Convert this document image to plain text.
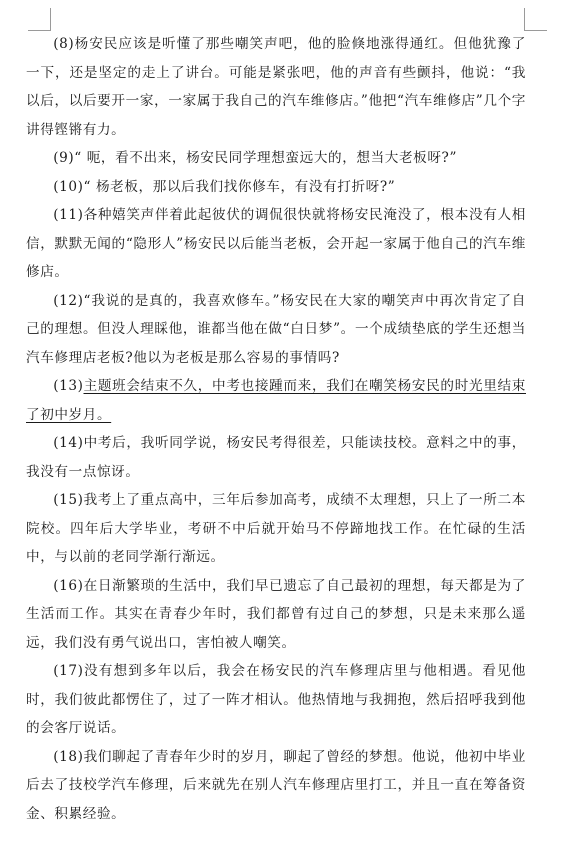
(8)杨安民应该是听懂了那些嘲笑声吧，他的脸倏地涨得通红。但他犹豫了一下，还是坚定的走上了讲台。可能是紧张吧，他的声音有些颤抖，他说：“我以后，以后要开一家，一家属于我自己的汽车维修店。”他把“汽车维修店”几个字讲得铿锵有力。

(9)“ 呃，看不出来，杨安民同学理想蛮远大的，想当大老板呀?”

(10)“ 杨老板，那以后我们找你修车，有没有打折呀?”

(11)各种嬉笑声伴着此起彼伏的调侃很快就将杨安民淹没了，根本没有人相信，默默无闻的“隐形人”杨安民以后能当老板，会开起一家属于他自己的汽车维修店。

(12)“我说的是真的，我喜欢修车。”杨安民在大家的嘲笑声中再次肯定了自己的理想。但没人理睬他，谁都当他在做“白日梦”。一个成绩垫底的学生还想当汽车修理店老板?他以为老板是那么容易的事情吗?

(13)主题班会结束不久，中考也接踵而来，我们在嘲笑杨安民的时光里结束了初中岁月。

(14)中考后，我听同学说，杨安民考得很差，只能读技校。意料之中的事，我没有一点惊讶。

(15)我考上了重点高中，三年后参加高考，成绩不太理想，只上了一所二本院校。四年后大学毕业，考研不中后就开始马不停蹄地找工作。在忙碌的生活中，与以前的老同学渐行渐远。

(16)在日渐繁琐的生活中，我们早已遗忘了自己最初的理想，每天都是为了生活而工作。其实在青春少年时，我们都曾有过自己的梦想，只是未来那么遥远，我们没有勇气说出口，害怕被人嘲笑。

(17)没有想到多年以后，我会在杨安民的汽车修理店里与他相遇。看见他时，我们彼此都愣住了，过了一阵才相认。他热情地与我拥抱，然后招呼我到他的会客厅说话。

(18)我们聊起了青春年少时的岁月，聊起了曾经的梦想。他说，他初中毕业后去了技校学汽车修理，后来就先在别人汽车修理店里打工，并且一直在筹备资金、积累经验。
